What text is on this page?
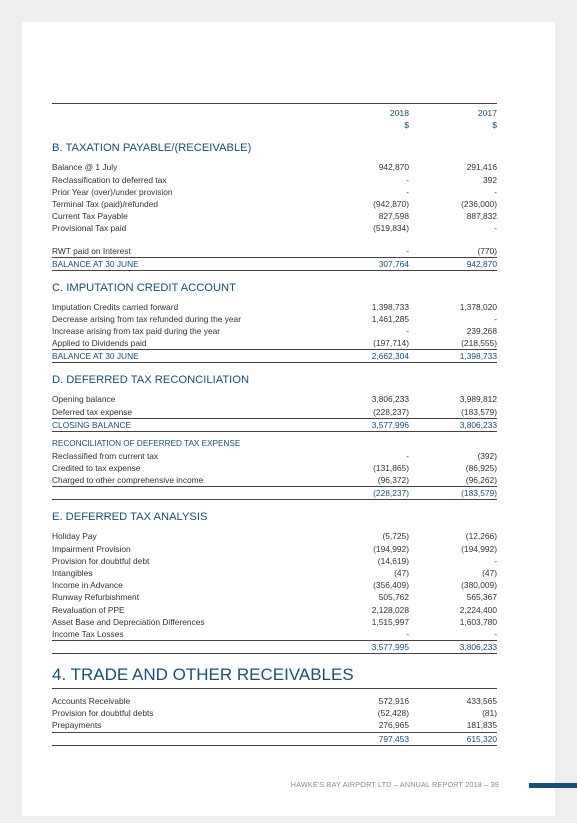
2018	2017
$	$
B. TAXATION PAYABLE/(RECEIVABLE)
Balance @ 1 July	942,870	291,416
Reclassification to deferred tax	-	392
Prior Year (over)/under provision	-	-
Terminal Tax (paid)/refunded	(942,870)	(236,000)
Current Tax Payable	827,598	887,832
Provisional Tax paid	(519,834)	-
RWT paid on Interest	-	(770)
BALANCE AT 30 JUNE	307,764	942,870
C. IMPUTATION CREDIT ACCOUNT
Imputation Credits carried forward	1,398,733	1,378,020
Decrease arising from tax refunded during the year	1,461,285	-
Increase arising from tax paid during the year	-	239,268
Applied to Dividends paid	(197,714)	(218,555)
BALANCE AT 30 JUNE	2,662,304	1,398,733
D. DEFERRED TAX RECONCILIATION
Opening balance	3,806,233	3,989,812
Deferred tax expense	(228,237)	(183,579)
CLOSING BALANCE	3,577,996	3,806,233
RECONCILIATION OF DEFERRED TAX EXPENSE
Reclassified from current tax	-	(392)
Credited to tax expense	(131,865)	(86,925)
Charged to other comprehensive income	(96,372)	(96,262)
(228,237)	(183,579)
E. DEFERRED TAX ANALYSIS
Holiday Pay	(5,725)	(12,266)
Impairment Provision	(194,992)	(194,992)
Provision for doubtful debt	(14,619)	-
Intangibles	(47)	(47)
Income in Advance	(356,409)	(380,009)
Runway Refurbishment	505,762	565,367
Revaluation of PPE	2,128,028	2,224,400
Asset Base and Depreciation Differences	1,515,997	1,603,780
Income Tax Losses	-	-
3,577,995	3,806,233
4. TRADE AND OTHER RECEIVABLES
Accounts Receivable	572,916	433,565
Provision for doubtful debts	(52,428)	(81)
Prepayments	276,965	181,835
797,453	615,320
HAWKE'S BAY AIRPORT LTD – ANNUAL REPORT 2018 – 39
